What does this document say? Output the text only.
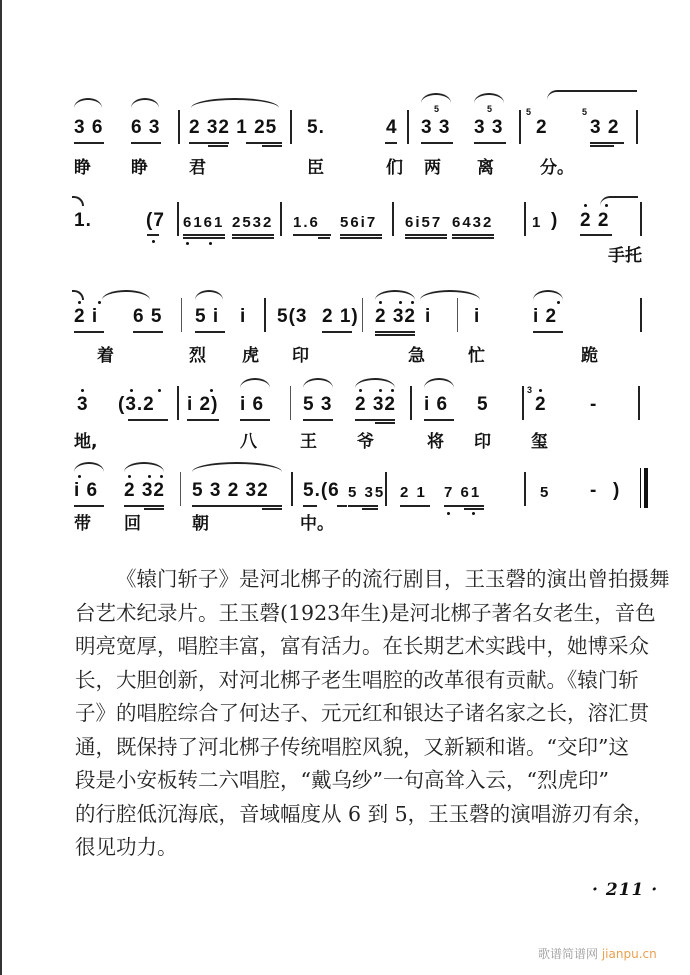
3 6 6 3 2 32 1 25 5.	4 3 3
5
3 3
5	5
2
5
3 2
睁 睁 君	臣	们 两 离	分。
1.	(7 6161 2532 1.6 56i7 6i57 6432	1 ) 2 2
手托
2 i 6 5 5 i i 5(3 2 1) 2 32 i i	i 2
着	烈 虎 印	急	忙	跪
3 (3.2 i 2) i 6 5 3 2 32 i 6 5
3
2 -
地,	八	王 爷	将 印 玺
i 6 2 32 5 3 2 32 5.(6 5 35 2 1 7 61	5 - )
带 回	朝	中。

《辕门斩子》是河北梆子的流行剧目，王玉磬的演出曾拍摄舞

台艺术纪录片。王玉磬(1923年生)是河北梆子著名女老生，音色
明亮宽厚，唱腔丰富，富有活力。在长期艺术实践中，她博采众
长，大胆创新，对河北梆子老生唱腔的改革很有贡献。《辕门斩
子》的唱腔综合了何达子、元元红和银达子诸名家之长，溶汇贯
通，既保持了河北梆子传统唱腔风貌，又新颖和谐。“交印”这
段是小安板转二六唱腔，“戴乌纱”一句高耸入云，“烈虎印”
的行腔低沉海底，音域幅度从 6 到 5，王玉磬的演唱游刃有余，
很见功力。
· 211 ·
歌谱简谱网 jianpu.cn
